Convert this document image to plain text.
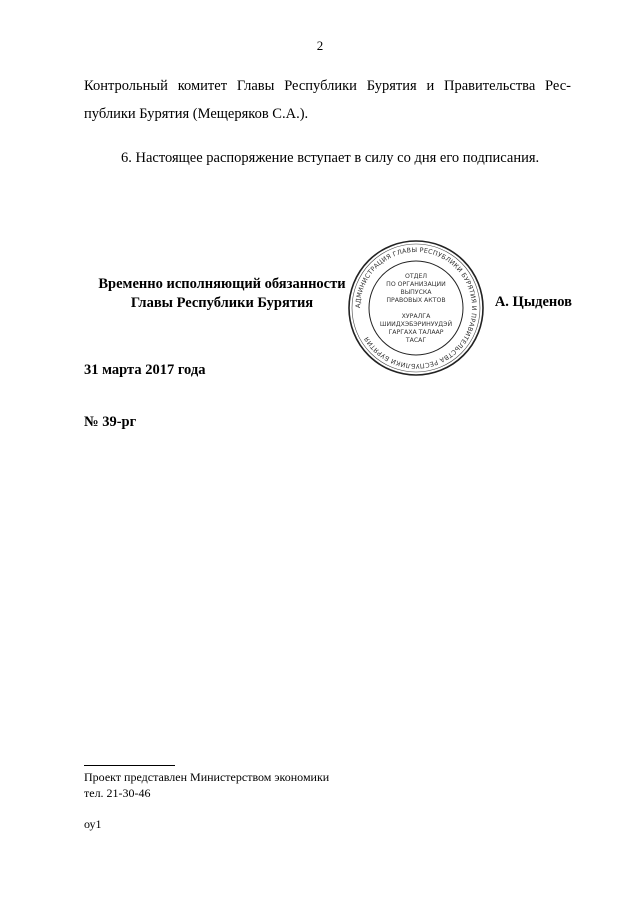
2
Контрольный комитет Главы Республики Бурятия и Правительства Рес-
публики Бурятия (Мещеряков С.А.).
6. Настоящее распоряжение вступает в силу со дня его подписания.
Временно исполняющий обязанности
Главы Республики Бурятия	АДМИНИСТРАЦИЯ ГЛАВЫ РЕСПУБЛИКИ БУРЯТИЯ И ПРАВИТЕЛЬСТВА РЕСПУБЛИКИ БУРЯТИЯ
ОТДЕЛ
ПО ОРГАНИЗАЦИИ
ВЫПУСКА
ПРАВОВЫХ АКТОВ
ХУРАЛГА
ШИИДХЭБЭРИНУУДЭЙ
ГАРГАХА ТАЛААР
ТАСАГ
А. Цыденов
31 марта 2017 года
№ 39-рг
Проект представлен Министерством экономики
тел. 21-30-46
оу1
